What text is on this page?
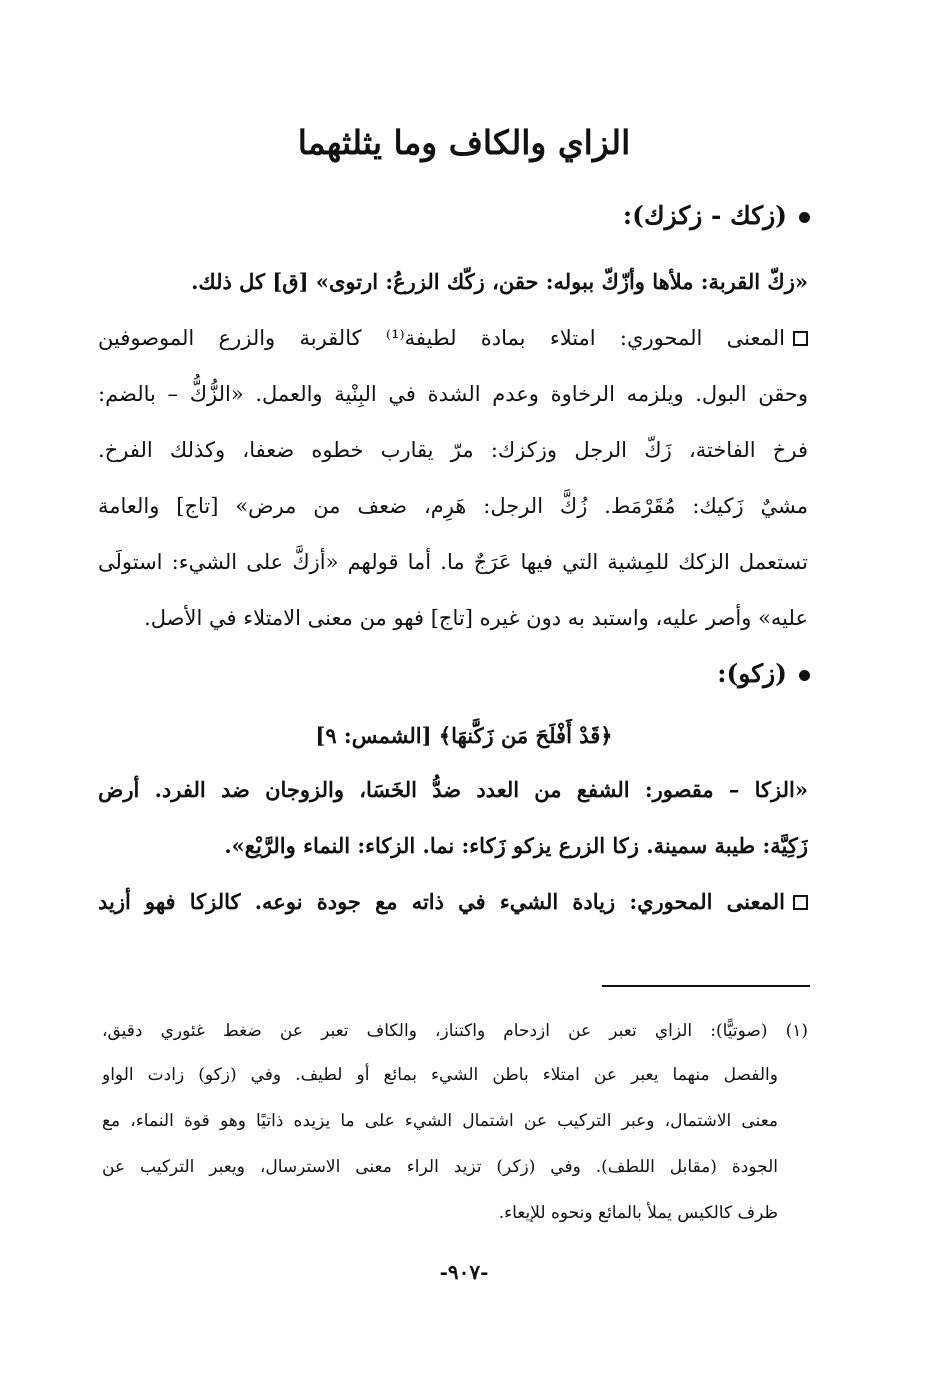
الزاي والكاف وما يثلثهما
(زكك - زكزك):
«زكّ القربة: ملأها وأزّكّ ببوله: حقن، زكّك الزرعُ: ارتوى» [ق] كل ذلك.
المعنى المحوري: امتلاء بمادة لطيفة⁽¹⁾ كالقربة والزرع الموصوفين
وحقن البول. ويلزمه الرخاوة وعدم الشدة في البِنْية والعمل. «الزُّكُّ – بالضم:
فرخ الفاختة، زَكّ الرجل وزكزك: مرّ يقارب خطوه ضعفا، وكذلك الفرخ.
مشيٌ زَكيك: مُقَرْمَط. زُكَّ الرجل: هَرِم، ضعف من مرض» [تاج] والعامة
تستعمل الزكك للمِشية التي فيها عَرَجٌ ما. أما قولهم «أزكَّ على الشيء: استولَى
عليه» وأصر عليه، واستبد به دون غيره [تاج] فهو من معنى الامتلاء في الأصل.
(زكو):
﴿قَدْ أَفْلَحَ مَن زَكَّنهَا﴾ [الشمس: ٩]
«الزكا – مقصور: الشفع من العدد ضدُّ الخَسَا، والزوجان ضد الفرد. أرض
زَكِيَّة: طيبة سمينة. زكا الزرع يزكو زَكاء: نما. الزكاء: النماء والرَّيْع».
المعنى المحوري: زيادة الشيء في ذاته مع جودة نوعه. كالزكا فهو أزيد
(١) (صوتيًّا): الزاي تعبر عن ازدحام واكتناز، والكاف تعبر عن ضغط غئوري دقيق،
والفصل منهما يعبر عن امتلاء باطن الشيء بمائع أو لطيف. وفي (زكو) زادت الواو
معنى الاشتمال، وعبر التركيب عن اشتمال الشيء على ما يزيده ذاتيًا وهو قوة النماء، مع
الجودة (مقابل اللطف). وفي (زكر) تزيد الراء معنى الاسترسال، ويعبر التركيب عن
ظرف كالكيس يملأ بالمائع ونحوه للإيعاء.
-٩٠٧-
